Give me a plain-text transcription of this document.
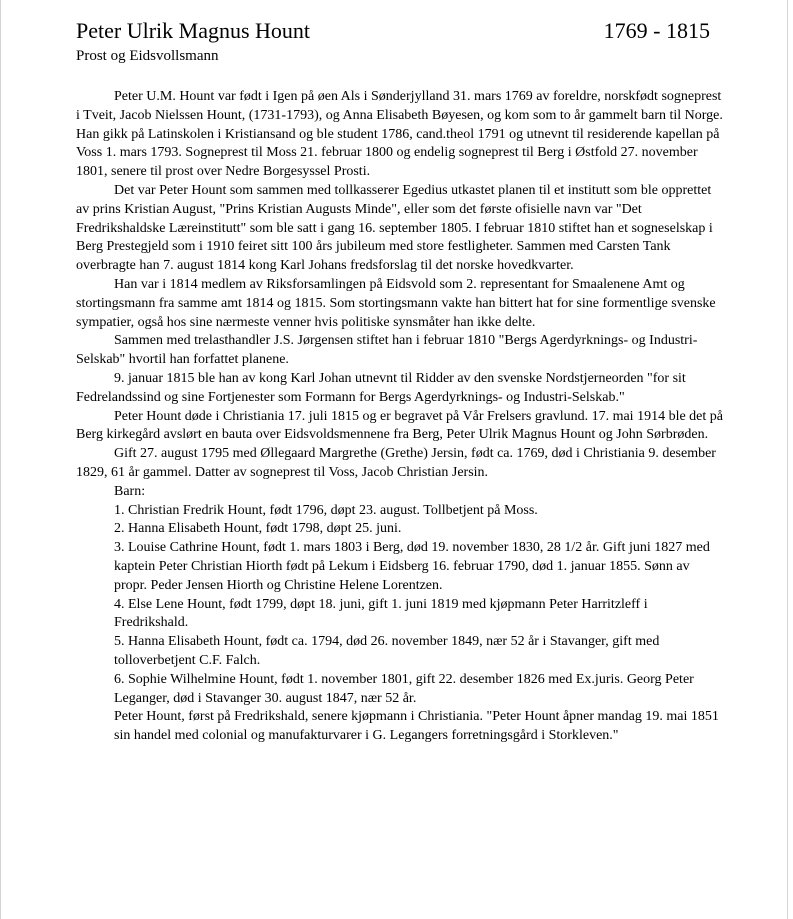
Peter Ulrik Magnus Hount	1769 - 1815
Prost og Eidsvollsmann

Peter U.M. Hount var født i Igen på øen Als i Sønderjylland 31. mars 1769 av foreldre, norskfødt sogneprest i Tveit, Jacob Nielssen Hount, (1731-1793), og Anna Elisabeth Bøyesen, og kom som to år gammelt barn til Norge. Han gikk på Latinskolen i Kristiansand og ble student 1786, cand.theol 1791 og utnevnt til residerende kapellan på Voss 1. mars 1793. Sogneprest til Moss 21. februar 1800 og endelig sogneprest til Berg i Østfold 27. november 1801, senere til prost over Nedre Borgesyssel Prosti.

Det var Peter Hount som sammen med tollkasserer Egedius utkastet planen til et institutt som ble opprettet av prins Kristian August, "Prins Kristian Augusts Minde", eller som det første ofisielle navn var "Det Fredrikshaldske Læreinstitutt" som ble satt i gang 16. september 1805. I februar 1810 stiftet han et sogneselskap i Berg Prestegjeld som i 1910 feiret sitt 100 års jubileum med store festligheter. Sammen med Carsten Tank overbragte han 7. august 1814 kong Karl Johans fredsforslag til det norske hovedkvarter.

Han var i 1814 medlem av Riksforsamlingen på Eidsvold som 2. representant for Smaalenene Amt og stortingsmann fra samme amt 1814 og 1815. Som stortingsmann vakte han bittert hat for sine formentlige svenske sympatier, også hos sine nærmeste venner hvis politiske synsmåter han ikke delte.

Sammen med trelasthandler J.S. Jørgensen stiftet han i februar 1810 "Bergs Agerdyrknings- og Industri-Selskab" hvortil han forfattet planene.

9. januar 1815 ble han av kong Karl Johan utnevnt til Ridder av den svenske Nordstjerneorden "for sit Fedrelandssind og sine Fortjenester som Formann for Bergs Agerdyrknings- og Industri-Selskab."

Peter Hount døde i Christiania 17. juli 1815 og er begravet på Vår Frelsers gravlund. 17. mai 1914 ble det på Berg kirkegård avslørt en bauta over Eidsvoldsmennene fra Berg, Peter Ulrik Magnus Hount og John Sørbrøden.

Gift 27. august 1795 med Øllegaard Margrethe (Grethe) Jersin, født ca. 1769, død i Christiania 9. desember 1829, 61 år gammel. Datter av sogneprest til Voss, Jacob Christian Jersin.

Barn:

1. Christian Fredrik Hount, født 1796, døpt 23. august. Tollbetjent på Moss.

2. Hanna Elisabeth Hount, født 1798, døpt 25. juni.

3. Louise Cathrine Hount, født 1. mars 1803 i Berg, død 19. november 1830, 28 1/2 år. Gift juni 1827 med kaptein Peter Christian Hiorth født på Lekum i Eidsberg 16. februar 1790, død 1. januar 1855. Sønn av propr. Peder Jensen Hiorth og Christine Helene Lorentzen.

4. Else Lene Hount, født 1799, døpt 18. juni, gift 1. juni 1819 med kjøpmann Peter Harritzleff i Fredrikshald.

5. Hanna Elisabeth Hount, født ca. 1794, død 26. november 1849, nær 52 år i Stavanger, gift med tolloverbetjent C.F. Falch.

6. Sophie Wilhelmine Hount, født 1. november 1801, gift 22. desember 1826 med Ex.juris. Georg Peter Leganger, død i Stavanger 30. august 1847, nær 52 år.

Peter Hount, først på Fredrikshald, senere kjøpmann i Christiania. "Peter Hount åpner mandag 19. mai 1851 sin handel med colonial og manufakturvarer i G. Legangers forretningsgård i Storkleven."
